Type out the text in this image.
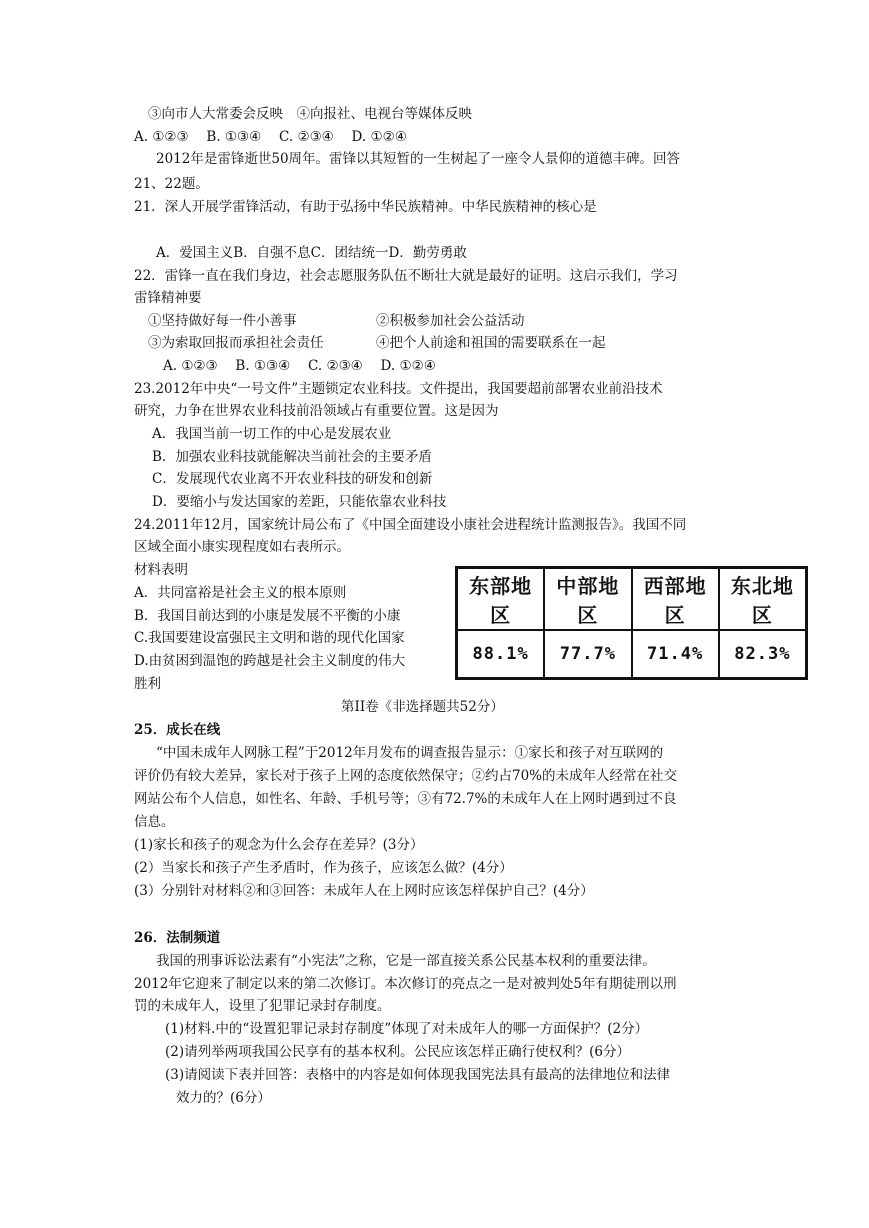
③向市人大常委会反映　④向报社、电视台等媒体反映
A. ①②③　 B. ①③④　 C. ②③④　 D. ①②④
2012年是雷锋逝世50周年。雷锋以其短暂的一生树起了一座令人景仰的道德丰碑。回答
21、22题。
21．深人开展学雷锋活动，有助于弘扬中华民族精神。中华民族精神的核心是
A．爱国主义B．自强不息C．团结统一D．勤劳勇敢
22．雷锋一直在我们身边，社会志愿服务队伍不断壮大就是最好的证明。这启示我们，学习
雷锋精神要
①坚持做好每一件小善事	②积极参加社会公益活动
③为索取回报而承担社会责任	④把个人前途和祖国的需要联系在一起
A. ①②③　 B. ①③④　 C. ②③④　 D. ①②④
23.2012年中央“一号文件”主题锁定农业科技。文件提出，我国要超前部署农业前沿技术
研究，力争在世界农业科技前沿领域占有重要位置。这是因为
A．我国当前一切工作的中心是发展农业
B．加强农业科技就能解决当前社会的主要矛盾
C．发展现代农业离不开农业科技的研发和创新
D．要缩小与发达国家的差距，只能依靠农业科技
24.2011年12月，国家统计局公布了《中国全面建设小康社会进程统计监测报告》。我国不同
区域全面小康实现程度如右表所示。
材料表明
A．共同富裕是社会主义的根本原则
B．我国目前达到的小康是发展不平衡的小康
C.我国要建设富强民主文明和谐的现代化国家
D.由贫困到温饱的跨越是社会主义制度的伟大
胜利
东部地区	中部地区	西部地区	东北地区
88.1%	77.7%	71.4%	82.3%
第II卷《非选择题共52分）
25．成长在线
“中国未成年人网脉工程”于2012年月发布的调查报告显示：①家长和孩子对互联网的
评价仍有较大差异，家长对于孩子上网的态度依然保守；②约占70%的未成年人经常在社交
网站公布个人信息，如性名、年龄、手机号等；③有72.7%的未成年人在上网时遇到过不良
信息。
(1)家长和孩子的观念为什么会存在差异？(3分）
(2）当家长和孩子产生矛盾时，作为孩子，应该怎么做？(4分）
(3）分别针对材料②和③回答：未成年人在上网时应该怎样保护自己？(4分）
26．法制频道
我国的刑事诉讼法素有“小宪法”之称，它是一部直接关系公民基本权利的重要法律。
2012年它迎来了制定以来的第二次修订。本次修订的亮点之一是对被判处5年有期徒刑以刑
罚的未成年人，设里了犯罪记录封存制度。
(1)材料.中的“设置犯罪记录封存制度”体现了对未成年人的哪一方面保护？(2分）
(2)请列举两项我国公民享有的基本权利。公民应该怎样正确行使权利？(6分）
(3)请阅读下表并回答：表格中的内容是如何体现我国宪法具有最高的法律地位和法律
效力的？(6分）
